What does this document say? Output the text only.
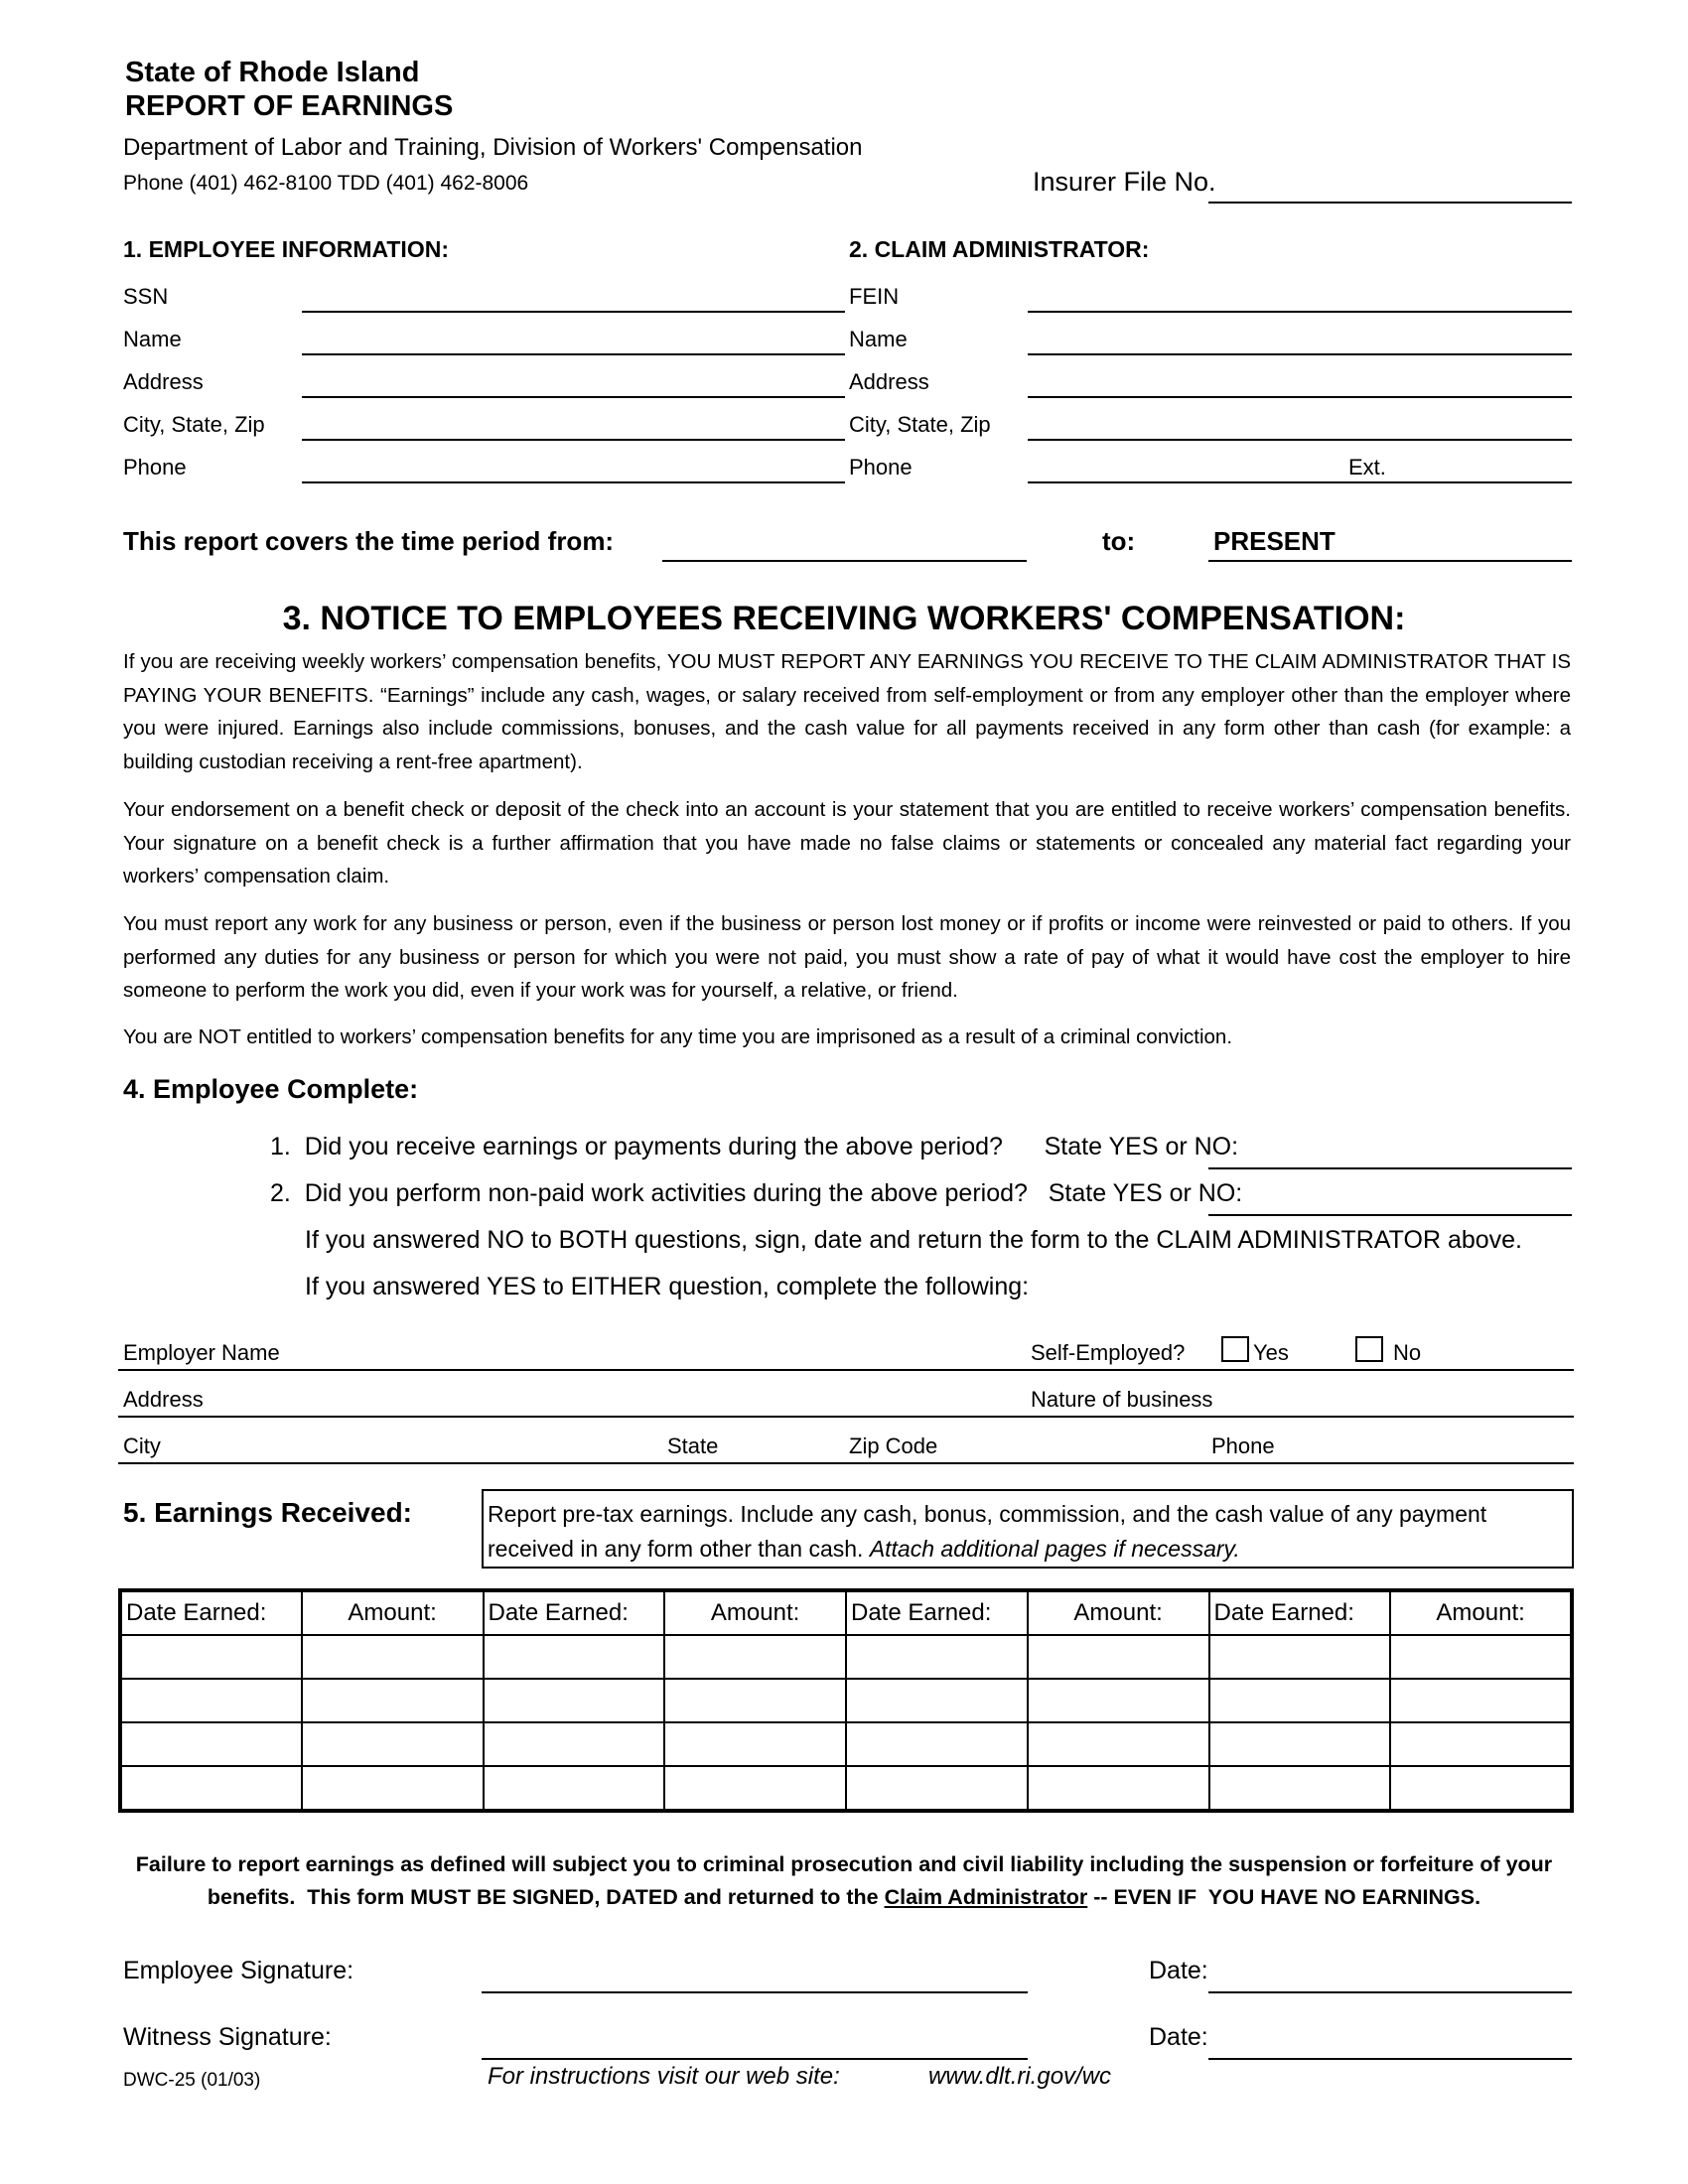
State of Rhode Island
REPORT OF EARNINGS
Department of Labor and Training, Division of Workers' Compensation
Phone (401) 462-8100 TDD (401) 462-8006	Insurer File No.
1. EMPLOYEE INFORMATION:	2. CLAIM ADMINISTRATOR:
SSN
Name
Address
City, State, Zip
Phone
FEIN
Name
Address
City, State, Zip
Phone	Ext.
This report covers the time period from:	to:	PRESENT
3. NOTICE TO EMPLOYEES RECEIVING WORKERS' COMPENSATION:
If you are receiving weekly workers’ compensation benefits, YOU MUST REPORT ANY EARNINGS YOU RECEIVE TO THE CLAIM ADMINISTRATOR THAT IS PAYING YOUR BENEFITS. “Earnings” include any cash, wages, or salary received from self-employment or from any employer other than the employer where you were injured. Earnings also include commissions, bonuses, and the cash value for all payments received in any form other than cash (for example: a building custodian receiving a rent-free apartment).
Your endorsement on a benefit check or deposit of the check into an account is your statement that you are entitled to receive workers’ compensation benefits. Your signature on a benefit check is a further affirmation that you have made no false claims or statements or concealed any material fact regarding your workers’ compensation claim.
You must report any work for any business or person, even if the business or person lost money or if profits or income were reinvested or paid to others. If you performed any duties for any business or person for which you were not paid, you must show a rate of pay of what it would have cost the employer to hire someone to perform the work you did, even if your work was for yourself, a relative, or friend.
You are NOT entitled to workers’ compensation benefits for any time you are imprisoned as a result of a criminal conviction.
4. Employee Complete:
1.  Did you receive earnings or payments during the above period?      State YES or NO:
2.  Did you perform non-paid work activities during the above period?   State YES or NO:
If you answered NO to BOTH questions, sign, date and return the form to the CLAIM ADMINISTRATOR above.
If you answered YES to EITHER question, complete the following:
Employer Name	Self-Employed?	Yes	No
Address	Nature of business
City	State	Zip Code	Phone
5. Earnings Received:	Report pre-tax earnings. Include any cash, bonus, commission, and the cash value of any payment received in any form other than cash. Attach additional pages if necessary.
Date Earned:	Amount:	Date Earned:	Amount:	Date Earned:	Amount:	Date Earned:	Amount:

Failure to report earnings as defined will subject you to criminal prosecution and civil liability including the suspension or forfeiture of your
benefits.  This form MUST BE SIGNED, DATED and returned to the Claim Administrator -- EVEN IF  YOU HAVE NO EARNINGS.
Employee Signature:	Date:
Witness Signature:	Date:
DWC-25 (01/03)	For instructions visit our web site:	www.dlt.ri.gov/wc
